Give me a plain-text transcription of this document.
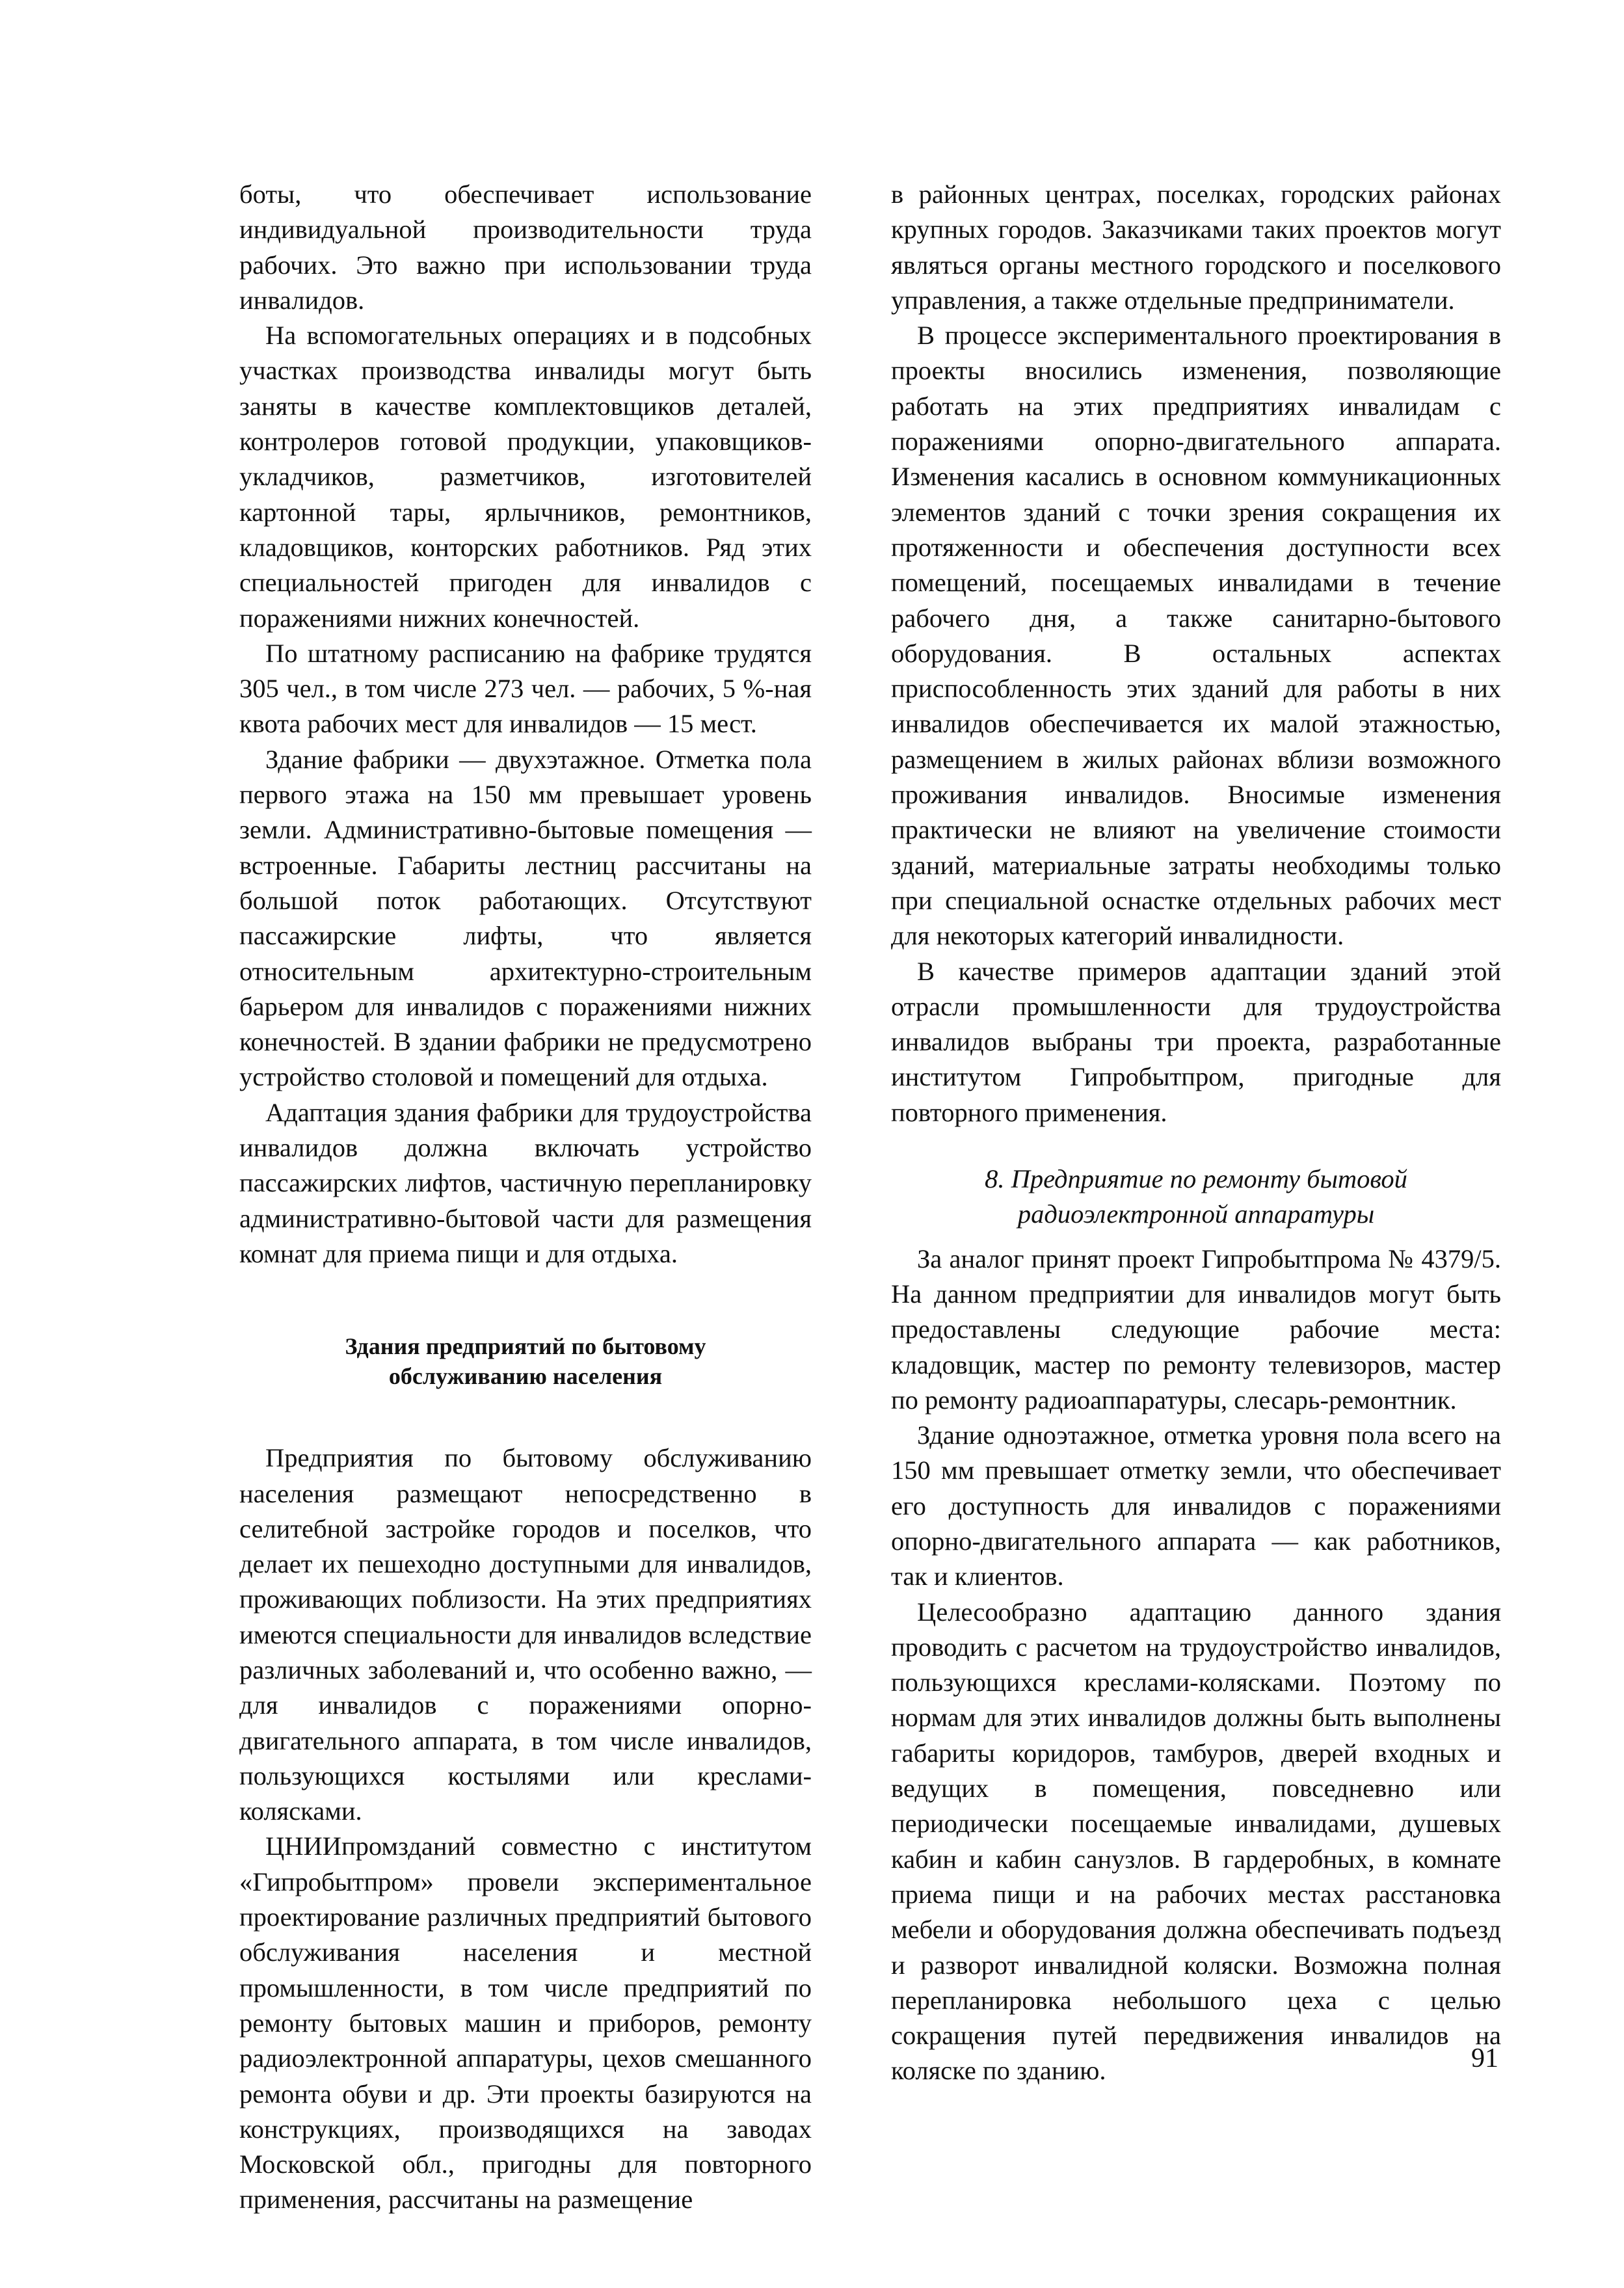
боты, что обеспечивает использование индивидуальной производительности труда рабочих. Это важно при использовании труда инвалидов.

На вспомогательных операциях и в подсобных участках производства инвалиды могут быть заняты в качестве комплектовщиков деталей, контролеров готовой продукции, упаковщиков-укладчиков, разметчиков, изготовителей картонной тары, ярлычников, ремонтников, кладовщиков, конторских работников. Ряд этих специальностей пригоден для инвалидов с поражениями нижних конечностей.

По штатному расписанию на фабрике трудятся 305 чел., в том числе 273 чел. — рабочих, 5 %-ная квота рабочих мест для инвалидов — 15 мест.

Здание фабрики — двухэтажное. Отметка пола первого этажа на 150 мм превышает уровень земли. Административно-бытовые помещения — встроенные. Габариты лестниц рассчитаны на большой поток работающих. Отсутствуют пассажирские лифты, что является относительным архитектурно-строительным барьером для инвалидов с поражениями нижних конечностей. В здании фабрики не предусмотрено устройство столовой и помещений для отдыха.

Адаптация здания фабрики для трудоустройства инвалидов должна включать устройство пассажирских лифтов, частичную перепланировку административно-бытовой части для размещения комнат для приема пищи и для отдыха.

Здания предприятий по бытовому
обслуживанию населения

Предприятия по бытовому обслуживанию населения размещают непосредственно в селитебной застройке городов и поселков, что делает их пешеходно доступными для инвалидов, проживающих поблизости. На этих предприятиях имеются специальности для инвалидов вследствие различных заболеваний и, что особенно важно, — для инвалидов с поражениями опорно-двигательного аппарата, в том числе инвалидов, пользующихся костылями или креслами-колясками.

ЦНИИпромзданий совместно с институтом «Гипробытпром» провели экспериментальное проектирование различных предприятий бытового обслуживания населения и местной промышленности, в том числе предприятий по ремонту бытовых машин и приборов, ремонту радиоэлектронной аппаратуры, цехов смешанного ремонта обуви и др. Эти проекты базируются на конструкциях, производящихся на заводах Московской обл., пригодны для повторного применения, рассчитаны на размещение

в районных центрах, поселках, городских районах крупных городов. Заказчиками таких проектов могут являться органы местного городского и поселкового управления, а также отдельные предприниматели.

В процессе экспериментального проектирования в проекты вносились изменения, позволяющие работать на этих предприятиях инвалидам с поражениями опорно-двигательного аппарата. Изменения касались в основном коммуникационных элементов зданий с точки зрения сокращения их протяженности и обеспечения доступности всех помещений, посещаемых инвалидами в течение рабочего дня, а также санитарно-бытового оборудования. В остальных аспектах приспособленность этих зданий для работы в них инвалидов обеспечивается их малой этажностью, размещением в жилых районах вблизи возможного проживания инвалидов. Вносимые изменения практически не влияют на увеличение стоимости зданий, материальные затраты необходимы только при специальной оснастке отдельных рабочих мест для некоторых категорий инвалидности.

В качестве примеров адаптации зданий этой отрасли промышленности для трудоустройства инвалидов выбраны три проекта, разработанные институтом Гипробытпром, пригодные для повторного применения.

8. Предприятие по ремонту бытовой
радиоэлектронной аппаратуры

За аналог принят проект Гипробытпрома № 4379/5. На данном предприятии для инвалидов могут быть предоставлены следующие рабочие места: кладовщик, мастер по ремонту телевизоров, мастер по ремонту радиоаппаратуры, слесарь-ремонтник.

Здание одноэтажное, отметка уровня пола всего на 150 мм превышает отметку земли, что обеспечивает его доступность для инвалидов с поражениями опорно-двигательного аппарата — как работников, так и клиентов.

Целесообразно адаптацию данного здания проводить с расчетом на трудоустройство инвалидов, пользующихся креслами-колясками. Поэтому по нормам для этих инвалидов должны быть выполнены габариты коридоров, тамбуров, дверей входных и ведущих в помещения, повседневно или периодически посещаемые инвалидами, душевых кабин и кабин санузлов. В гардеробных, в комнате приема пищи и на рабочих местах расстановка мебели и оборудования должна обеспечивать подъезд и разворот инвалидной коляски. Возможна полная перепланировка небольшого цеха с целью сокращения путей передвижения инвалидов на коляске по зданию.	91
